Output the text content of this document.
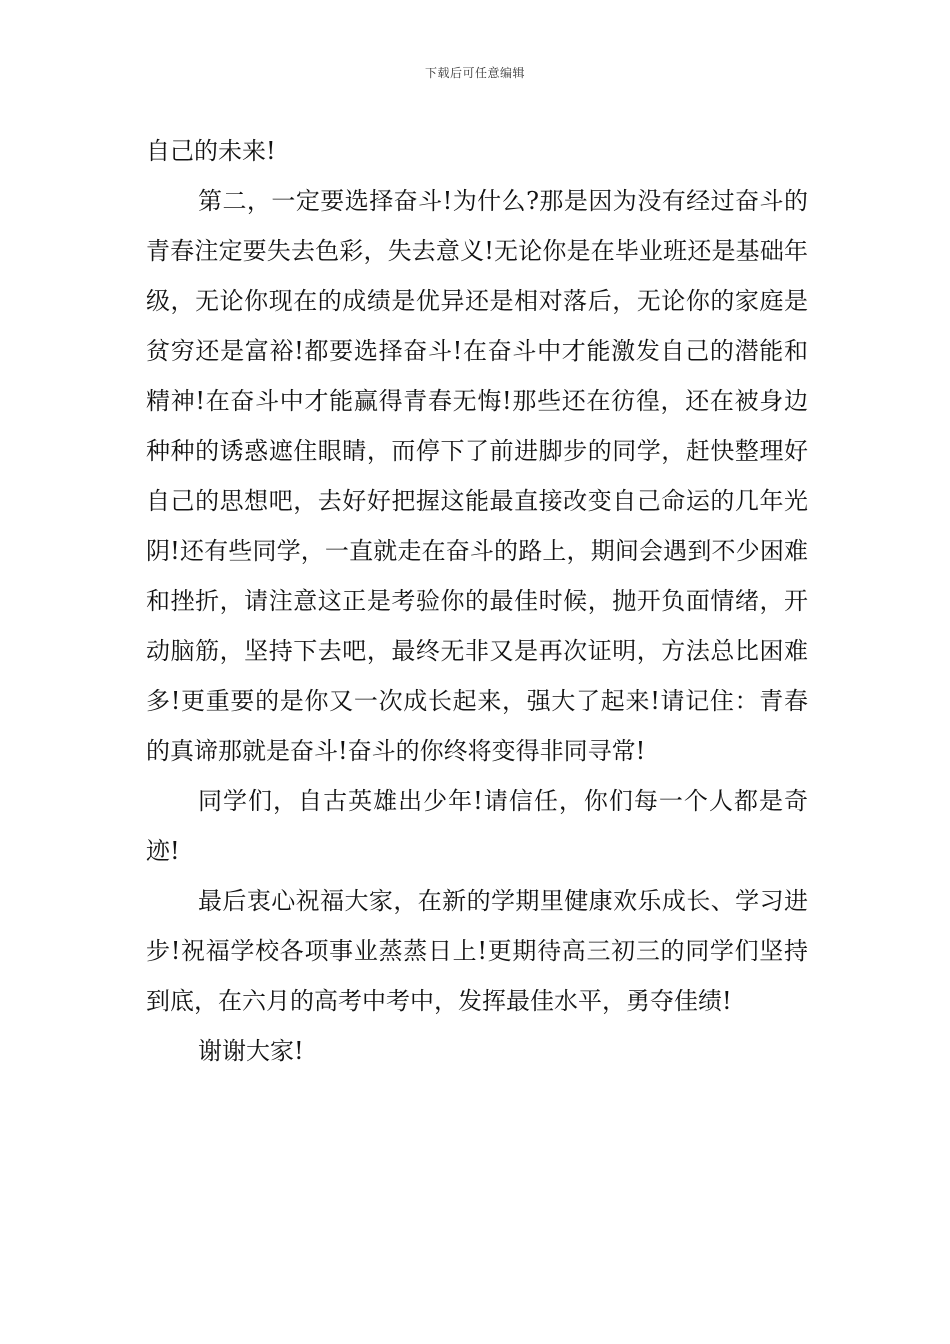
下载后可任意编辑

自己的未来!

第二，一定要选择奋斗!为什么?那是因为没有经过奋斗的青春注定要失去色彩，失去意义!无论你是在毕业班还是基础年级，无论你现在的成绩是优异还是相对落后，无论你的家庭是贫穷还是富裕!都要选择奋斗!在奋斗中才能激发自己的潜能和精神!在奋斗中才能赢得青春无悔!那些还在彷徨，还在被身边种种的诱惑遮住眼睛，而停下了前进脚步的同学，赶快整理好自己的思想吧，去好好把握这能最直接改变自己命运的几年光阴!还有些同学，一直就走在奋斗的路上，期间会遇到不少困难和挫折，请注意这正是考验你的最佳时候，抛开负面情绪，开动脑筋，坚持下去吧，最终无非又是再次证明，方法总比困难多!更重要的是你又一次成长起来，强大了起来!请记住：青春的真谛那就是奋斗!奋斗的你终将变得非同寻常!

同学们，自古英雄出少年!请信任，你们每一个人都是奇迹!

最后衷心祝福大家，在新的学期里健康欢乐成长、学习进步!祝福学校各项事业蒸蒸日上!更期待高三初三的同学们坚持到底，在六月的高考中考中，发挥最佳水平，勇夺佳绩!

谢谢大家!
